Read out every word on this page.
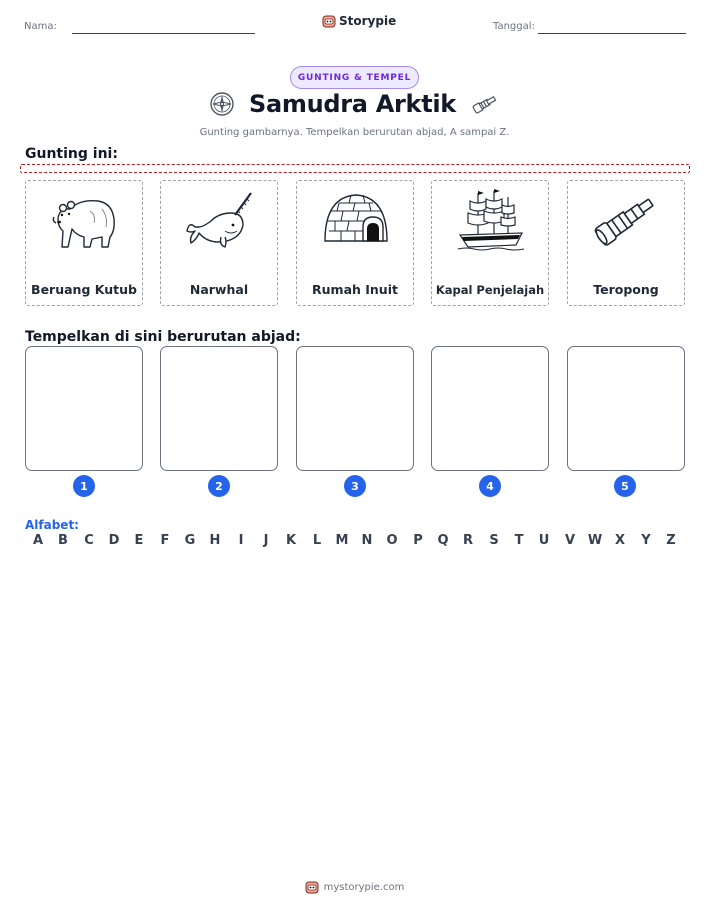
Nama:	Storypie	Tanggal:
GUNTING & TEMPEL
Samudra Arktik
Gunting gambarnya. Tempelkan berurutan abjad, A sampai Z.
Gunting ini:
Beruang Kutub	Narwhal	Rumah Inuit	Kapal Penjelajah	Teropong
Tempelkan di sini berurutan abjad:
1	2	3	4	5
Alfabet:
A	B	C	D	E	F	G	H	I	J	K	L	M	N	O	P	Q	R	S	T	U	V W X	Y	Z
mystorypie.com
